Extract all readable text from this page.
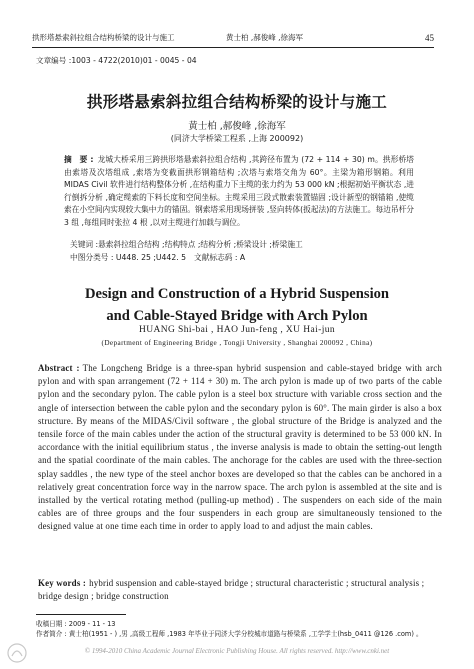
拱形塔悬索斜拉组合结构桥梁的设计与施工	黄士柏 ,郝俊峰 ,徐海军	45
文章编号 :1003 - 4722(2010)01 - 0045 - 04
拱形塔悬索斜拉组合结构桥梁的设计与施工
黄士柏 ,郝俊峰 ,徐海军
(同济大学桥梁工程系 ,上海 200092)
摘　要 : 龙城大桥采用三跨拱形塔悬索斜拉组合结构 ,其跨径布置为 (72 + 114 + 30) m。拱形桥塔由索塔及次塔组成 ,索塔为变截面拱形钢箱结构 ;次塔与索塔交角为 60°。主梁为箱形钢箱。利用 MIDAS Civil 软件进行结构整体分析 ,在结构重力下主缆的张力约为 53 000 kN ;根据初始平衡状态 ,进行倒拆分析 ,确定缆索的下料长度和空间坐标。主缆采用三段式散索装置锚固 ;设计新型的钢锚箱 ,使缆索在小空间内实现较大集中力的锚固。钢索塔采用现场拼装 ,竖向转体(扳起法)的方法施工。每边吊杆分 3 组 ,每组同时张拉 4 根 ,以对主缆进行加载与调位。
关键词 :悬索斜拉组合结构 ;结构特点 ;结构分析 ;桥梁设计 ;桥梁施工
中图分类号 : U448. 25 ;U442. 5 文献标志码 : A
Design and Construction of a Hybrid Suspension
and Cable-Stayed Bridge with Arch Pylon
HUANG Shi-bai , HAO Jun-feng , XU Hai-jun
(Department of Engineering Bridge , Tongji University , Shanghai 200092 , China)
Abstract : The Longcheng Bridge is a three-span hybrid suspension and cable-stayed bridge with arch pylon and with span arrangement (72 + 114 + 30) m. The arch pylon is made up of two parts of the cable pylon and the secondary pylon. The cable pylon is a steel box structure with variable cross section and the angle of intersection between the cable pylon and the secondary pylon is 60°. The main girder is also a box structure. By means of the MIDAS/Civil software , the global structure of the Bridge is analyzed and the tensile force of the main cables under the action of the structural gravity is determined to be 53 000 kN. In accordance with the initial equilibrium status , the inverse analysis is made to obtain the setting-out length and the spatial coordinate of the main cables. The anchorage for the cables are used with the three-section splay saddles , the new type of the steel anchor boxes are developed so that the cables can be anchored in a relatively great concentration force way in the narrow space. The arch pylon is assembled at the site and is installed by the vertical rotating method (pulling-up method) . The suspenders on each side of the main cables are of three groups and the four suspenders in each group are simultaneously tensioned to the designed value at one time each time in order to apply load to and adjust the main cables.
Key words : hybrid suspension and cable-stayed bridge ; structural characteristic ; structural analysis ; bridge design ; bridge construction
收稿日期 : 2009 - 11 - 13
作者简介 : 黄士柏(1951 - ) ,男 ,高级工程师 ,1983 年毕业于同济大学分校城市道路与桥梁系 ,工学学士(hsb_0411 @126 .com) 。
© 1994-2010 China Academic Journal Electronic Publishing House. All rights reserved. http://www.cnki.net
